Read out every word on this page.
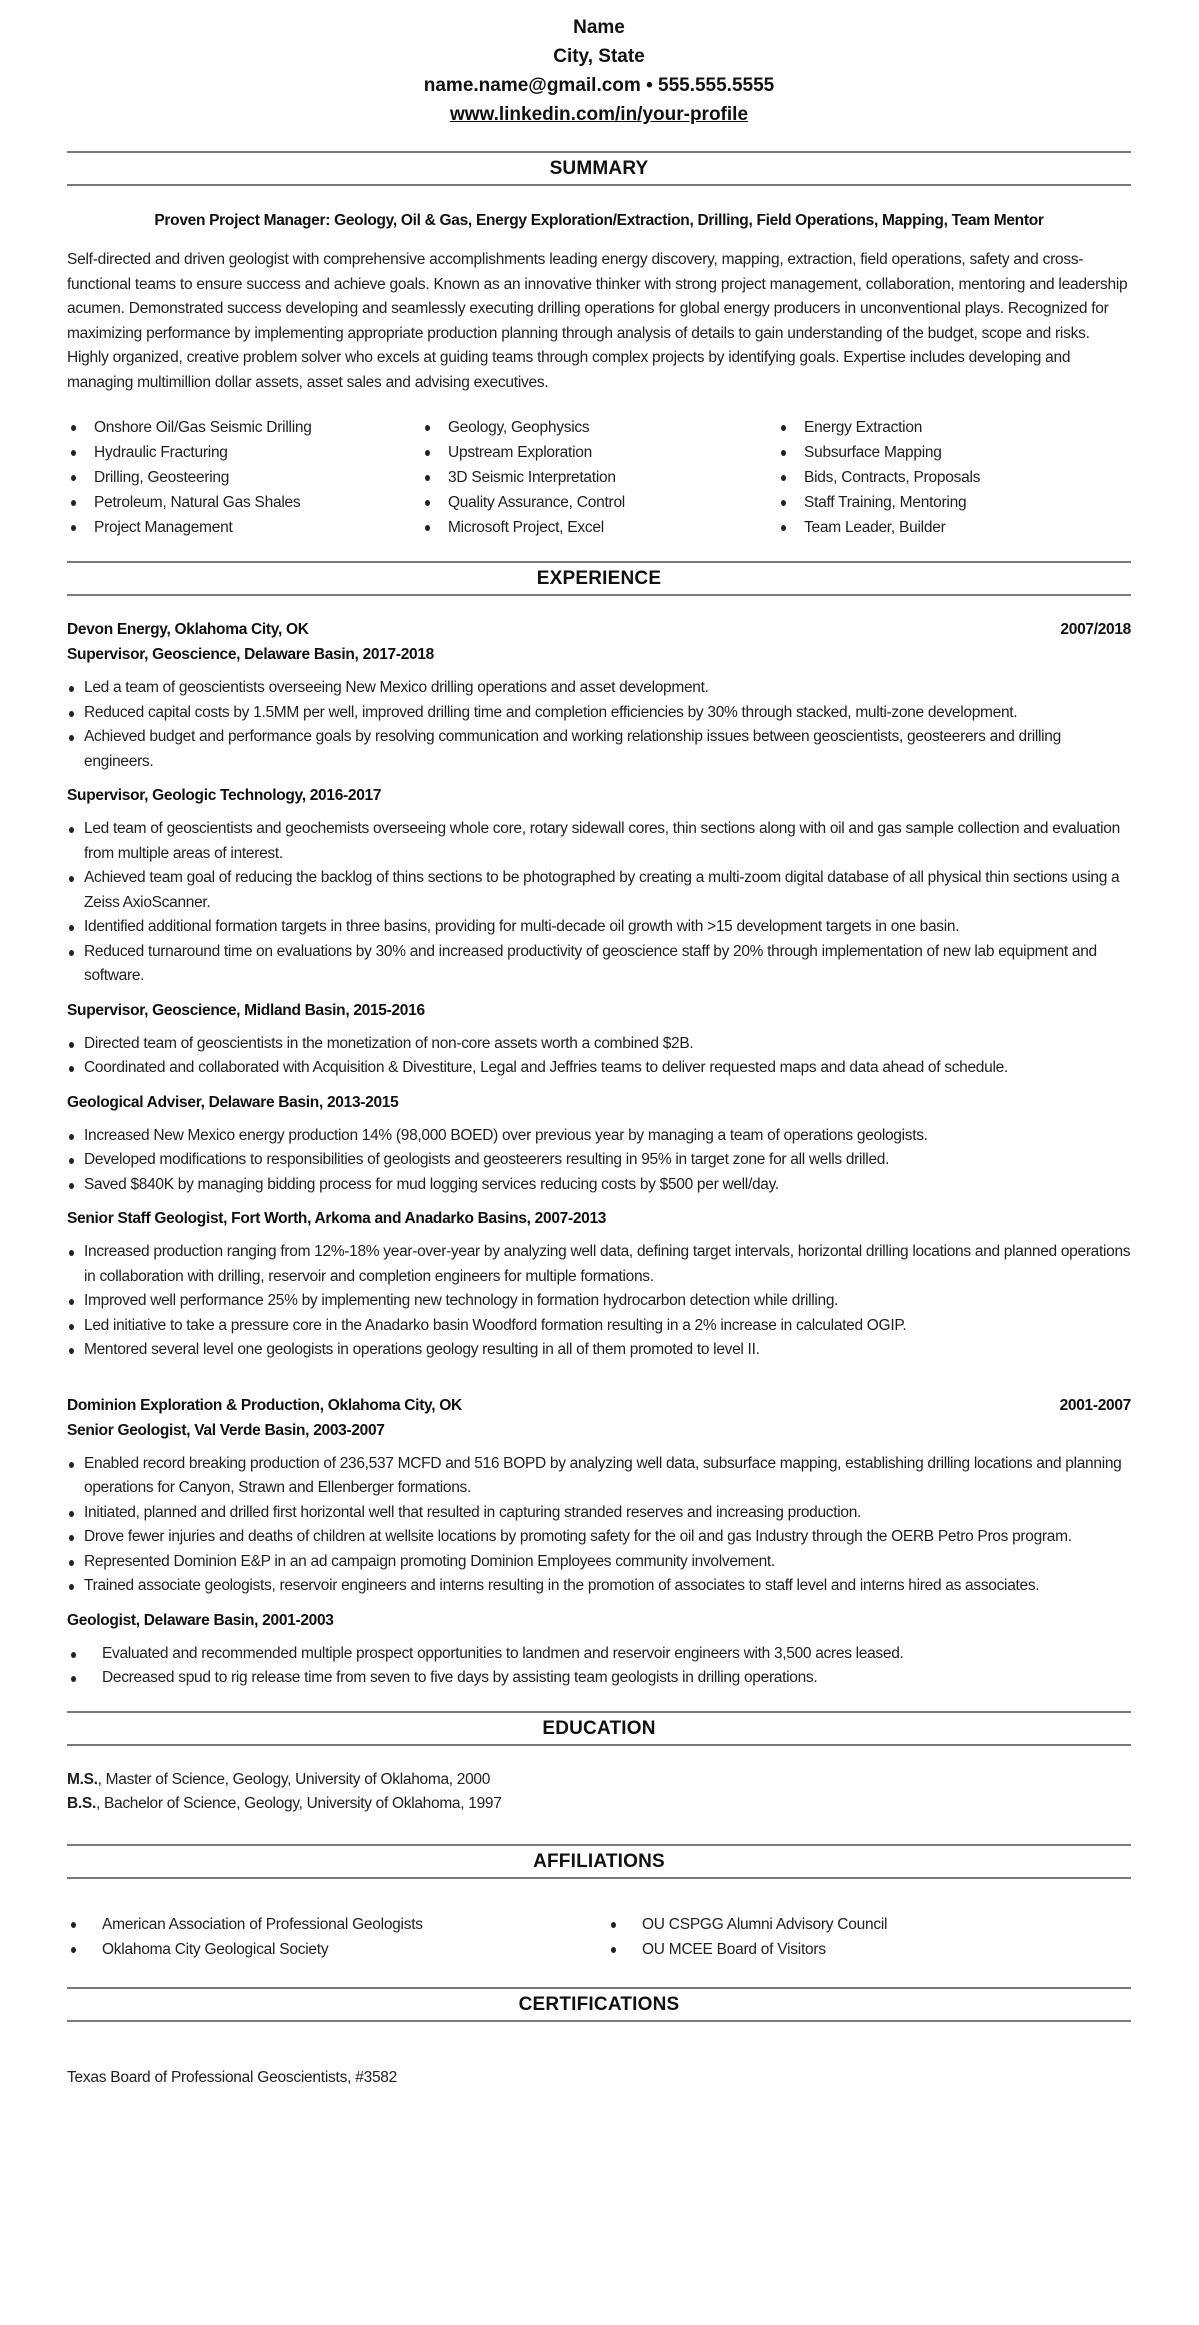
Name
City, State
name.name@gmail.com • 555.555.5555
www.linkedin.com/in/your-profile
SUMMARY
Proven Project Manager: Geology, Oil & Gas, Energy Exploration/Extraction, Drilling, Field Operations, Mapping, Team Mentor
Self-directed and driven geologist with comprehensive accomplishments leading energy discovery, mapping, extraction, field operations, safety and cross-functional teams to ensure success and achieve goals. Known as an innovative thinker with strong project management, collaboration, mentoring and leadership acumen. Demonstrated success developing and seamlessly executing drilling operations for global energy producers in unconventional plays. Recognized for maximizing performance by implementing appropriate production planning through analysis of details to gain understanding of the budget, scope and risks. Highly organized, creative problem solver who excels at guiding teams through complex projects by identifying goals. Expertise includes developing and managing multimillion dollar assets, asset sales and advising executives.
Onshore Oil/Gas Seismic Drilling
Hydraulic Fracturing
Drilling, Geosteering
Petroleum, Natural Gas Shales
Project Management
Geology, Geophysics
Upstream Exploration
3D Seismic Interpretation
Quality Assurance, Control
Microsoft Project, Excel
Energy Extraction
Subsurface Mapping
Bids, Contracts, Proposals
Staff Training, Mentoring
Team Leader, Builder
EXPERIENCE
Devon Energy, Oklahoma City, OK	2007/2018
Supervisor, Geoscience, Delaware Basin, 2017-2018
Led a team of geoscientists overseeing New Mexico drilling operations and asset development.
Reduced capital costs by 1.5MM per well, improved drilling time and completion efficiencies by 30% through stacked, multi-zone development.
Achieved budget and performance goals by resolving communication and working relationship issues between geoscientists, geosteerers and drilling engineers.
Supervisor, Geologic Technology, 2016-2017
Led team of geoscientists and geochemists overseeing whole core, rotary sidewall cores, thin sections along with oil and gas sample collection and evaluation from multiple areas of interest.
Achieved team goal of reducing the backlog of thins sections to be photographed by creating a multi-zoom digital database of all physical thin sections using a Zeiss AxioScanner.
Identified additional formation targets in three basins, providing for multi-decade oil growth with >15 development targets in one basin.
Reduced turnaround time on evaluations by 30% and increased productivity of geoscience staff by 20% through implementation of new lab equipment and software.
Supervisor, Geoscience, Midland Basin, 2015-2016
Directed team of geoscientists in the monetization of non-core assets worth a combined $2B.
Coordinated and collaborated with Acquisition & Divestiture, Legal and Jeffries teams to deliver requested maps and data ahead of schedule.
Geological Adviser, Delaware Basin, 2013-2015
Increased New Mexico energy production 14% (98,000 BOED) over previous year by managing a team of operations geologists.
Developed modifications to responsibilities of geologists and geosteerers resulting in 95% in target zone for all wells drilled.
Saved $840K by managing bidding process for mud logging services reducing costs by $500 per well/day.
Senior Staff Geologist, Fort Worth, Arkoma and Anadarko Basins, 2007-2013
Increased production ranging from 12%-18% year-over-year by analyzing well data, defining target intervals, horizontal drilling locations and planned operations in collaboration with drilling, reservoir and completion engineers for multiple formations.
Improved well performance 25% by implementing new technology in formation hydrocarbon detection while drilling.
Led initiative to take a pressure core in the Anadarko basin Woodford formation resulting in a 2% increase in calculated OGIP.
Mentored several level one geologists in operations geology resulting in all of them promoted to level II.
Dominion Exploration & Production, Oklahoma City, OK	2001-2007
Senior Geologist, Val Verde Basin, 2003-2007
Enabled record breaking production of 236,537 MCFD and 516 BOPD by analyzing well data, subsurface mapping, establishing drilling locations and planning operations for Canyon, Strawn and Ellenberger formations.
Initiated, planned and drilled first horizontal well that resulted in capturing stranded reserves and increasing production.
Drove fewer injuries and deaths of children at wellsite locations by promoting safety for the oil and gas Industry through the OERB Petro Pros program.
Represented Dominion E&P in an ad campaign promoting Dominion Employees community involvement.
Trained associate geologists, reservoir engineers and interns resulting in the promotion of associates to staff level and interns hired as associates.
Geologist, Delaware Basin, 2001-2003
Evaluated and recommended multiple prospect opportunities to landmen and reservoir engineers with 3,500 acres leased.
Decreased spud to rig release time from seven to five days by assisting team geologists in drilling operations.
EDUCATION
M.S., Master of Science, Geology, University of Oklahoma, 2000
B.S., Bachelor of Science, Geology, University of Oklahoma, 1997
AFFILIATIONS
American Association of Professional Geologists
Oklahoma City Geological Society
OU CSPGG Alumni Advisory Council
OU MCEE Board of Visitors
CERTIFICATIONS
Texas Board of Professional Geoscientists, #3582
